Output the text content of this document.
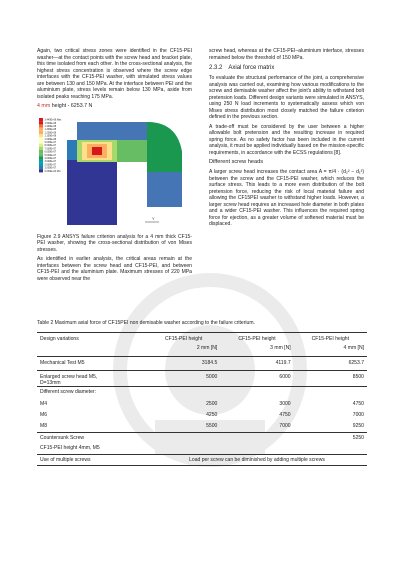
Again, two critical stress zones were identified in the CF15-PEI washer—at the contact points with the screw head and bracket plate, this time isolated from each other. In the cross-sectional analysis, the highest stress concentration is observed where the screw edge interfaces with the CF15-PEI washer, with simulated stress values are between 130 and 150 MPa. At the interface between PEI and the aluminium plate, stress levels remain below 130 MPa, aside from isolated peaks reaching 175 MPa.

4 mm height - 6253.7 N
3.440E+08 Max
1.500E+08
1.400E+08
1.300E+08
1.200E+08
1.100E+08
1.000E+08
9.000E+07
8.000E+07
7.000E+07
6.000E+07
5.000E+07
4.000E+07
3.000E+07
2.000E+07
1.000E+07
0.000E+00 Min
Y

Figure 2.9 ANSYS failure criterion analysis for a 4 mm thick CF15-PEI washer, showing the cross-sectional distribution of von Mises stresses.

As identified in earlier analysis, the critical areas remain at the interfaces between the screw head and CF15-PEI, and between CF15-PEI and the aluminium plate. Maximum stresses of 220 MPa were observed near the

screw head, whereas at the CF15-PEI–aluminium interface, stresses remained below the threshold of 150 MPa.

2.3.2 Axial force matrix

To evaluate the structural performance of the joint, a comprehensive analysis was carried out, examining how various modifications to the screw and demisable washer affect the joint's ability to withstand bolt pretension loads. Different design variants were simulated in ANSYS, using 250 N load increments to systematically assess which von Mises stress distribution most closely matched the failure criterion defined in the previous section.

A trade-off must be considered by the user between a higher allowable bolt pretension and the resulting increase in required spring force. As no safety factor has been included in the current analysis, it must be applied individually based on the mission-specific requirements, in accordance with the ECSS regulations [8].

Different screw heads

A larger screw head increases the contact area A = π/4 · (d₂² − d₁²) between the screw and the CF15-PEI washer, which reduces the surface stress. This leads to a more even distribution of the bolt pretension force, reducing the risk of local material failure and allowing the CF15PEI washer to withstand higher loads. However, a larger screw head requires an increased hole diameter in both plates and a wider CF15-PEI washer. This influences the required spring force for ejection, as a greater volume of softened material must be displaced.

Table 2 Maximum axial force of CF15PEI non demisable washer according to the failure criterium.
Design variations	CF15-PEI height	CF15-PEI height	CF15-PEI height
	2 mm [N]	3 mm [N]	4 mm [N]

Mechanical Test M5	3184.5	4119.7	6253.7

Enlarged screw head M5,
D=13mm	5000	6000	8500
Different screw diameter:			
M4	2500	3000	4750
M6	4250	4750	7000
M8	5500	7000	9250
Countersunk Screw			5250
CF15-PEI height 4mm, M5			
Use of multiple screws	Load per screw can be diminished by adding multiple screws		
